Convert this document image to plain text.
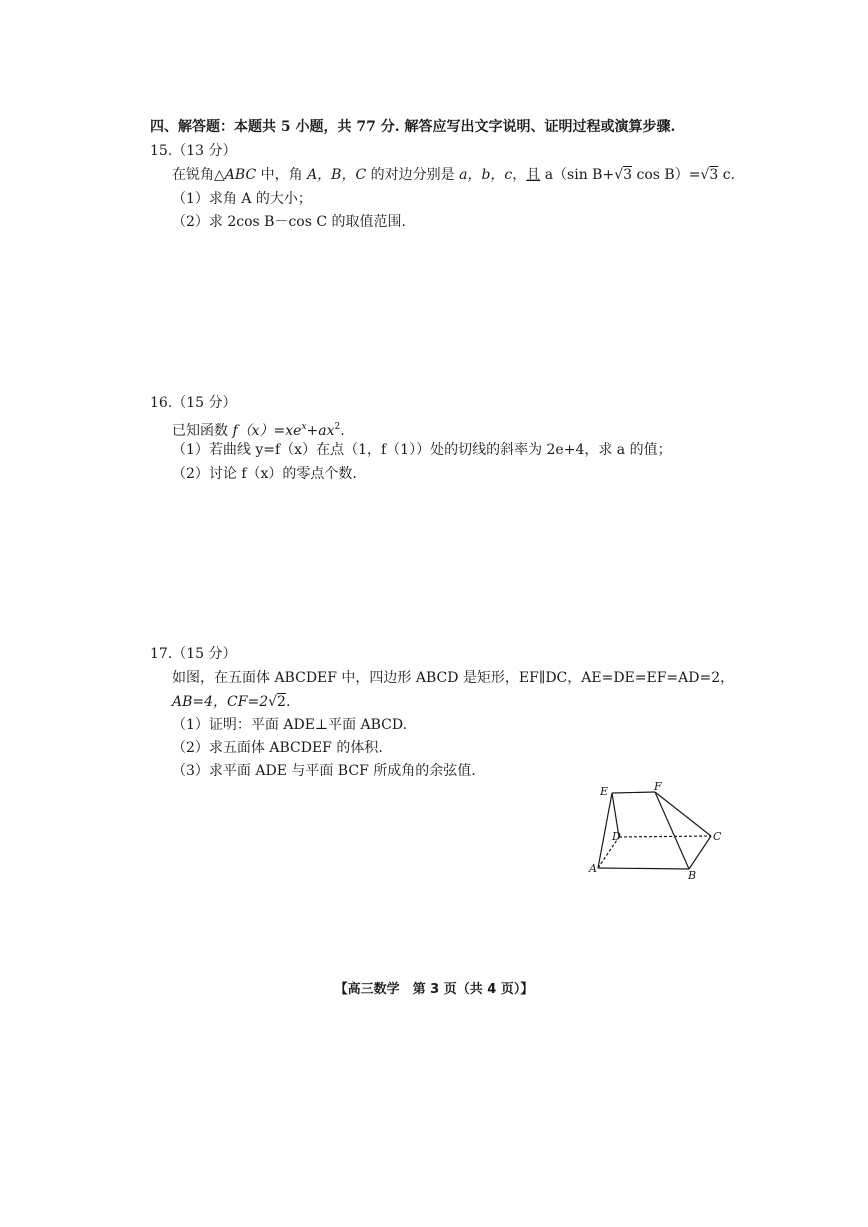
四、解答题：本题共 5 小题，共 77 分. 解答应写出文字说明、证明过程或演算步骤.
15.（13 分）
在锐角△ABC 中，角 A，B，C 的对边分别是 a，b，c，且 a（sin B+√3 cos B）=√3 c.
（1）求角 A 的大小；
（2）求 2cos B－cos C 的取值范围.
16.（15 分）
已知函数 $f(x)=xe^x+ax^2$.
（1）若曲线 y=f（x）在点（1，f（1））处的切线的斜率为 2e+4，求 a 的值；
（2）讨论 f（x）的零点个数.
17.（15 分）
如图，在五面体 ABCDEF 中，四边形 ABCD 是矩形，EF∥DC，AE=DE=EF=AD=2，
AB=4，CF=2√2.
（1）证明：平面 ADE⊥平面 ABCD.
（2）求五面体 ABCDEF 的体积.
（3）求平面 ADE 与平面 BCF 所成角的余弦值.
E	F
D	C
A
B
【高三数学　第 3 页（共 4 页）】
